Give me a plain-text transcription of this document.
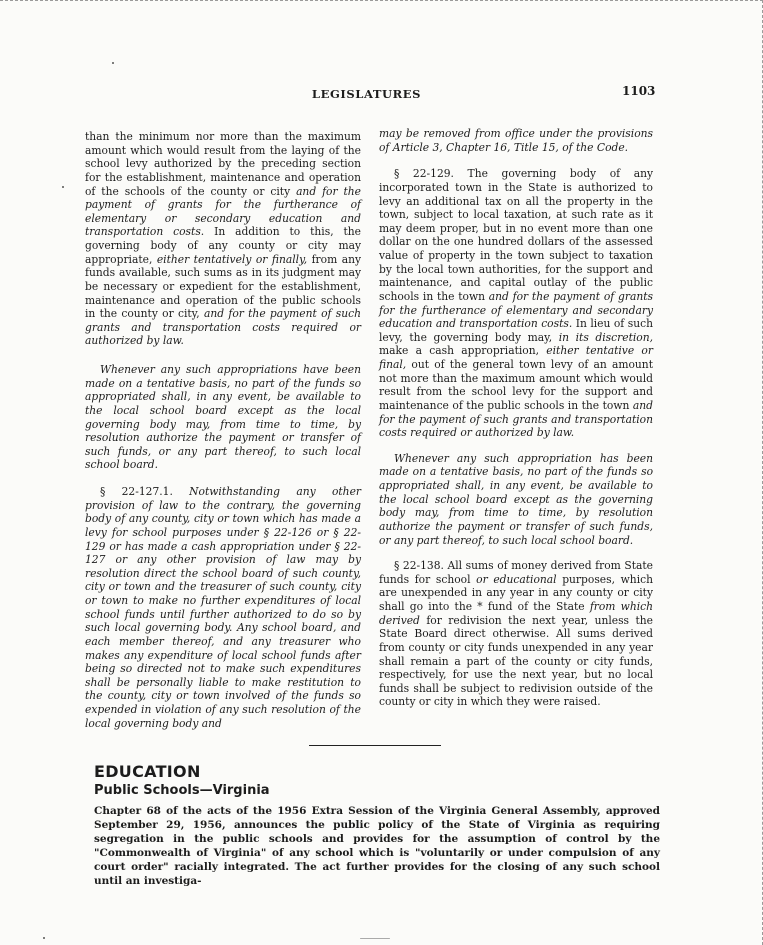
LEGISLATURES	1103

than the minimum nor more than the maximum amount which would result from the laying of the school levy authorized by the preceding section for the establishment, maintenance and operation of the schools of the county or city and for the payment of grants for the furtherance of elementary or secondary education and transportation costs. In addition to this, the governing body of any county or city may appropriate, either tentatively or finally, from any funds available, such sums as in its judgment may be necessary or expedient for the establishment, maintenance and operation of the public schools in the county or city, and for the payment of such grants and transportation costs required or authorized by law.

Whenever any such appropriations have been made on a tentative basis, no part of the funds so appropriated shall, in any event, be available to the local school board except as the local governing body may, from time to time, by resolution authorize the payment or transfer of such funds, or any part thereof, to such local school board.

§ 22-127.1. Notwithstanding any other provision of law to the contrary, the governing body of any county, city or town which has made a levy for school purposes under § 22-126 or § 22-129 or has made a cash appropriation under § 22-127 or any other provision of law may by resolution direct the school board of such county, city or town and the treasurer of such county, city or town to make no further expenditures of local school funds until further authorized to do so by such local governing body. Any school board, and each member thereof, and any treasurer who makes any expenditure of local school funds after being so directed not to make such expenditures shall be personally liable to make restitution to the county, city or town involved of the funds so expended in violation of any such resolution of the local governing body and

may be removed from office under the provisions of Article 3, Chapter 16, Title 15, of the Code.

§ 22-129. The governing body of any incorporated town in the State is authorized to levy an additional tax on all the property in the town, subject to local taxation, at such rate as it may deem proper, but in no event more than one dollar on the one hundred dollars of the assessed value of property in the town subject to taxation by the local town authorities, for the support and maintenance, and capital outlay of the public schools in the town and for the payment of grants for the furtherance of elementary and secondary education and transportation costs. In lieu of such levy, the governing body may, in its discretion, make a cash appropriation, either tentative or final, out of the general town levy of an amount not more than the maximum amount which would result from the school levy for the support and maintenance of the public schools in the town and for the payment of such grants and transportation costs required or authorized by law.

Whenever any such appropriation has been made on a tentative basis, no part of the funds so appropriated shall, in any event, be available to the local school board except as the governing body may, from time to time, by resolution authorize the payment or transfer of such funds, or any part thereof, to such local school board.

§ 22-138. All sums of money derived from State funds for school or educational purposes, which are unexpended in any year in any county or city shall go into the * fund of the State from which derived for redivision the next year, unless the State Board direct otherwise. All sums derived from county or city funds unexpended in any year shall remain a part of the county or city funds, respectively, for use the next year, but no local funds shall be subject to redivision outside of the county or city in which they were raised.

EDUCATION
Public Schools—Virginia

Chapter 68 of the acts of the 1956 Extra Session of the Virginia General Assembly, approved September 29, 1956, announces the public policy of the State of Virginia as requiring segregation in the public schools and provides for the assumption of control by the "Commonwealth of Virginia" of any school which is "voluntarily or under compulsion of any court order" racially integrated. The act further provides for the closing of any such school until an investiga-
